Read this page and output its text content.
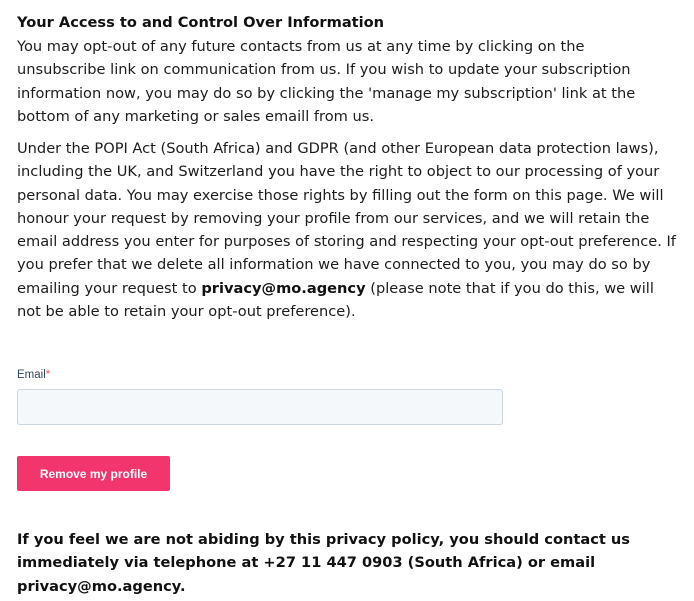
Your Access to and Control Over Information

You may opt-out of any future contacts from us at any time by clicking on the unsubscribe link on communication from us. If you wish to update your subscription information now, you may do so by clicking the 'manage my subscription' link at the bottom of any marketing or sales emaill from us.

Under the POPI Act (South Africa) and GDPR (and other European data protection laws), including the UK, and Switzerland you have the right to object to our processing of your personal data. You may exercise those rights by filling out the form on this page. We will honour your request by removing your profile from our services, and we will retain the email address you enter for purposes of storing and respecting your opt-out preference. If you prefer that we delete all information we have connected to you, you may do so by emailing your request to privacy@mo.agency (please note that if you do this, we will not be able to retain your opt-out preference).

Email*
Remove my profile

If you feel we are not abiding by this privacy policy, you should contact us immediately via telephone at +27 11 447 0903 (South Africa) or email privacy@mo.agency.
